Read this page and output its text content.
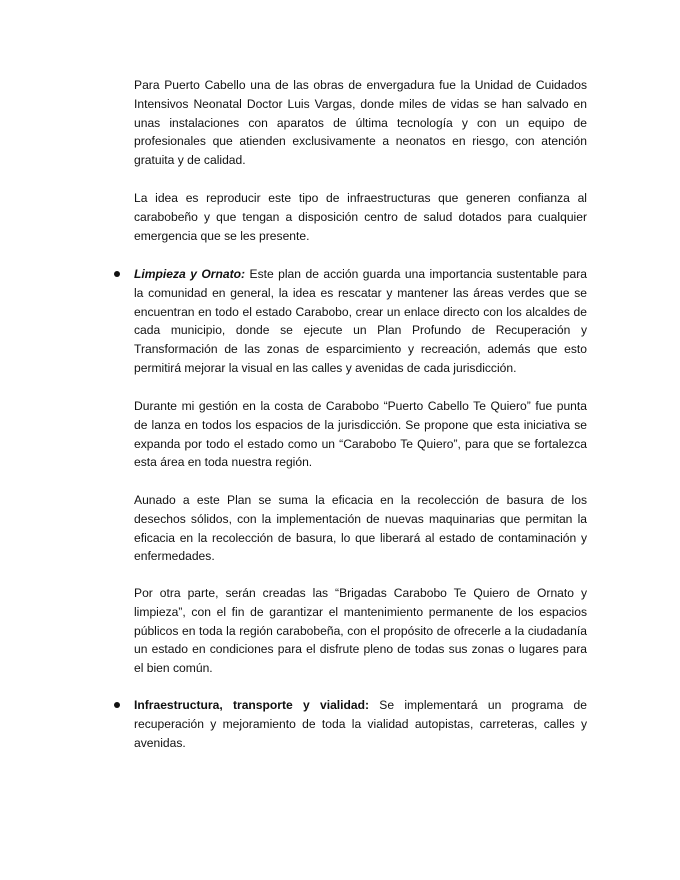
Para Puerto Cabello una de las obras de envergadura fue la Unidad de Cuidados Intensivos Neonatal Doctor Luis Vargas, donde miles de vidas se han salvado en unas instalaciones con aparatos de última tecnología y con un equipo de profesionales que atienden exclusivamente a neonatos en riesgo, con atención gratuita y de calidad.

La idea es reproducir este tipo de infraestructuras que generen confianza al carabobeño y que tengan a disposición centro de salud dotados para cualquier emergencia que se les presente.

Limpieza y Ornato: Este plan de acción guarda una importancia sustentable para la comunidad en general, la idea es rescatar y mantener las áreas verdes que se encuentran en todo el estado Carabobo, crear un enlace directo con los alcaldes de cada municipio, donde se ejecute un Plan Profundo de Recuperación y Transformación de las zonas de esparcimiento y recreación, además que esto permitirá mejorar la visual en las calles y avenidas de cada jurisdicción.

Durante mi gestión en la costa de Carabobo “Puerto Cabello Te Quiero” fue punta de lanza en todos los espacios de la jurisdicción. Se propone que esta iniciativa se expanda por todo el estado como un “Carabobo Te Quiero”, para que se fortalezca esta área en toda nuestra región.

Aunado a este Plan se suma la eficacia en la recolección de basura de los desechos sólidos, con la implementación de nuevas maquinarias que permitan la eficacia en la recolección de basura, lo que liberará al estado de contaminación y enfermedades.

Por otra parte, serán creadas las “Brigadas Carabobo Te Quiero de Ornato y limpieza”, con el fin de garantizar el mantenimiento permanente de los espacios públicos en toda la región carabobeña, con el propósito de ofrecerle a la ciudadanía un estado en condiciones para el disfrute pleno de todas sus zonas o lugares para el bien común.

Infraestructura, transporte y vialidad: Se implementará un programa de recuperación y mejoramiento de toda la vialidad autopistas, carreteras, calles y avenidas.
